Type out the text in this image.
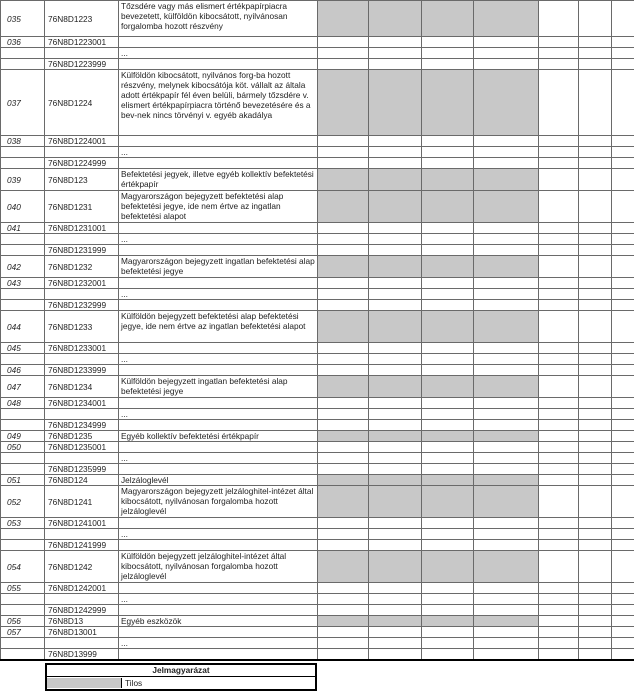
035	76N8D1223	Tőzsdére vagy más elismert értékpapírpiacra bevezetett, külföldön kibocsátott, nyilvánosan forgalomba hozott részvény							
036	76N8D1223001								
		...							
	76N8D1223999								
037	76N8D1224	Külföldön kibocsátott, nyilvános forg-ba hozott részvény, melynek kibocsátója köt. vállalt az általa adott értékpapír fél éven belüli, bármely tőzsdére v. elismert értékpapírpiacra történő bevezetésére és a bev-nek nincs törvényi v. egyéb akadálya							
038	76N8D1224001								
		...							
	76N8D1224999								
039	76N8D123	Befektetési jegyek, illetve egyéb kollektív befektetési értékpapír							
040	76N8D1231	Magyarországon bejegyzett befektetési alap befektetési jegye, ide nem értve az ingatlan befektetési alapot							
041	76N8D1231001								
		...							
	76N8D1231999								
042	76N8D1232	Magyarországon bejegyzett ingatlan befektetési alap befektetési jegye							
043	76N8D1232001								
		...							
	76N8D1232999								
044	76N8D1233	Külföldön bejegyzett befektetési alap befektetési jegye, ide nem értve az ingatlan befektetési alapot							
045	76N8D1233001								
		...							
046	76N8D1233999								
047	76N8D1234	Külföldön bejegyzett ingatlan befektetési alap befektetési jegye							
048	76N8D1234001								
		...							
	76N8D1234999								
049	76N8D1235	Egyéb kollektív befektetési értékpapír							
050	76N8D1235001								
		...							
	76N8D1235999								
051	76N8D124	Jelzáloglevél							
052	76N8D1241	Magyarországon bejegyzett jelzáloghitel-intézet által kibocsátott, nyilvánosan forgalomba hozott jelzáloglevél							
053	76N8D1241001								
		...							
	76N8D1241999								
054	76N8D1242	Külföldön bejegyzett jelzáloghitel-intézet által kibocsátott, nyilvánosan forgalomba hozott jelzáloglevél							
055	76N8D1242001								
		...							
	76N8D1242999								
056	76N8D13	Egyéb eszközök							
057	76N8D13001								
		...							
	76N8D13999								
Jelmagyarázat
Tilos
